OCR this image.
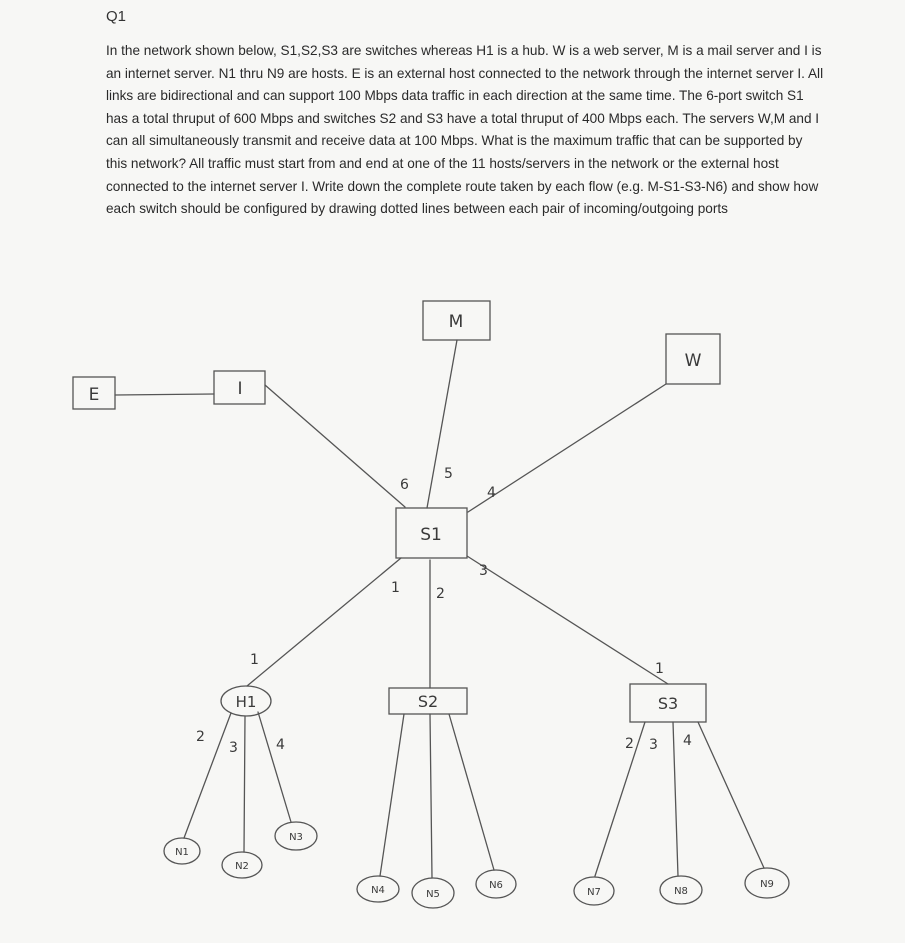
Q1

In the network shown below, S1,S2,S3 are switches whereas H1 is a hub. W is a web server, M is a mail server and I is an internet server. N1 thru N9 are hosts. E is an external host connected to the network through the internet server I. All links are bidirectional and can support 100 Mbps data traffic in each direction at the same time. The 6-port switch S1 has a total thruput of 600 Mbps and switches S2 and S3 have a total thruput of 400 Mbps each. The servers W,M and I can all simultaneously transmit and receive data at 100 Mbps. What is the maximum traffic that can be supported by this network? All traffic must start from and end at one of the 11 hosts/servers in the network or the external host connected to the internet server I. Write down the complete route taken by each flow (e.g. M-S1-S3-N6) and show how each switch should be configured by drawing dotted lines between each pair of incoming/outgoing ports

E	I
M
W
S1
S2	S3
H1
N1
N2
N3
N4	N5
N6
N7	N8
N9
6
5
4
3
2
1
1
2
3	4
1
2 3 4
